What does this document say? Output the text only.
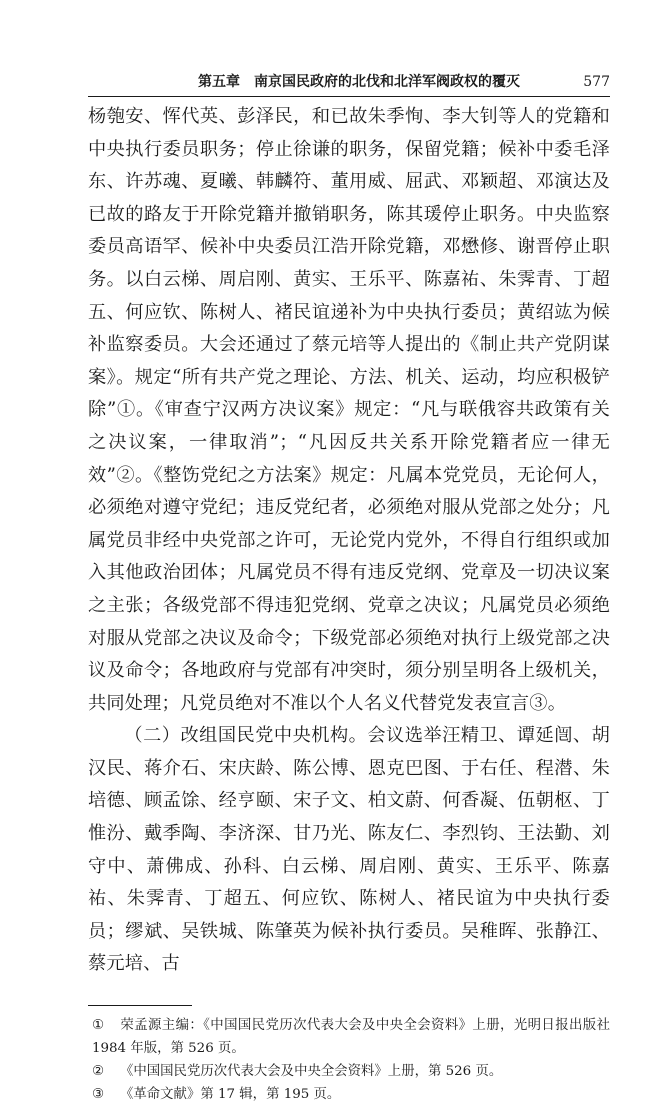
第五章　南京国民政府的北伐和北洋军阀政权的覆灭	577

杨匏安、恽代英、彭泽民，和已故朱季恂、李大钊等人的党籍和中央执行委员职务；停止徐谦的职务，保留党籍；候补中委毛泽东、许苏魂、夏曦、韩麟符、董用威、屈武、邓颖超、邓演达及已故的路友于开除党籍并撤销职务，陈其瑗停止职务。中央监察委员高语罕、候补中央委员江浩开除党籍，邓懋修、谢晋停止职务。以白云梯、周启刚、黄实、王乐平、陈嘉祐、朱霁青、丁超五、何应钦、陈树人、褚民谊递补为中央执行委员；黄绍竑为候补监察委员。大会还通过了蔡元培等人提出的《制止共产党阴谋案》。规定“所有共产党之理论、方法、机关、运动，均应积极铲除”①。《审查宁汉两方决议案》规定：“凡与联俄容共政策有关之决议案，一律取消”；“凡因反共关系开除党籍者应一律无效”②。《整饬党纪之方法案》规定：凡属本党党员，无论何人，必须绝对遵守党纪；违反党纪者，必须绝对服从党部之处分；凡属党员非经中央党部之许可，无论党内党外，不得自行组织或加入其他政治团体；凡属党员不得有违反党纲、党章及一切决议案之主张；各级党部不得违犯党纲、党章之决议；凡属党员必须绝对服从党部之决议及命令；下级党部必须绝对执行上级党部之决议及命令；各地政府与党部有冲突时，须分别呈明各上级机关，共同处理；凡党员绝对不准以个人名义代替党发表宣言③。

（二）改组国民党中央机构。会议选举汪精卫、谭延闿、胡汉民、蒋介石、宋庆龄、陈公博、恩克巴图、于右任、程潜、朱培德、顾孟馀、经亨颐、宋子文、柏文蔚、何香凝、伍朝枢、丁惟汾、戴季陶、李济深、甘乃光、陈友仁、李烈钧、王法勤、刘守中、萧佛成、孙科、白云梯、周启刚、黄实、王乐平、陈嘉祐、朱霁青、丁超五、何应钦、陈树人、褚民谊为中央执行委员；缪斌、吴铁城、陈肇英为候补执行委员。吴稚晖、张静江、蔡元培、古

① 荣孟源主编：《中国国民党历次代表大会及中央全会资料》上册，光明日报出版社 1984 年版，第 526 页。

② 《中国国民党历次代表大会及中央全会资料》上册，第 526 页。

③ 《革命文献》第 17 辑，第 195 页。
